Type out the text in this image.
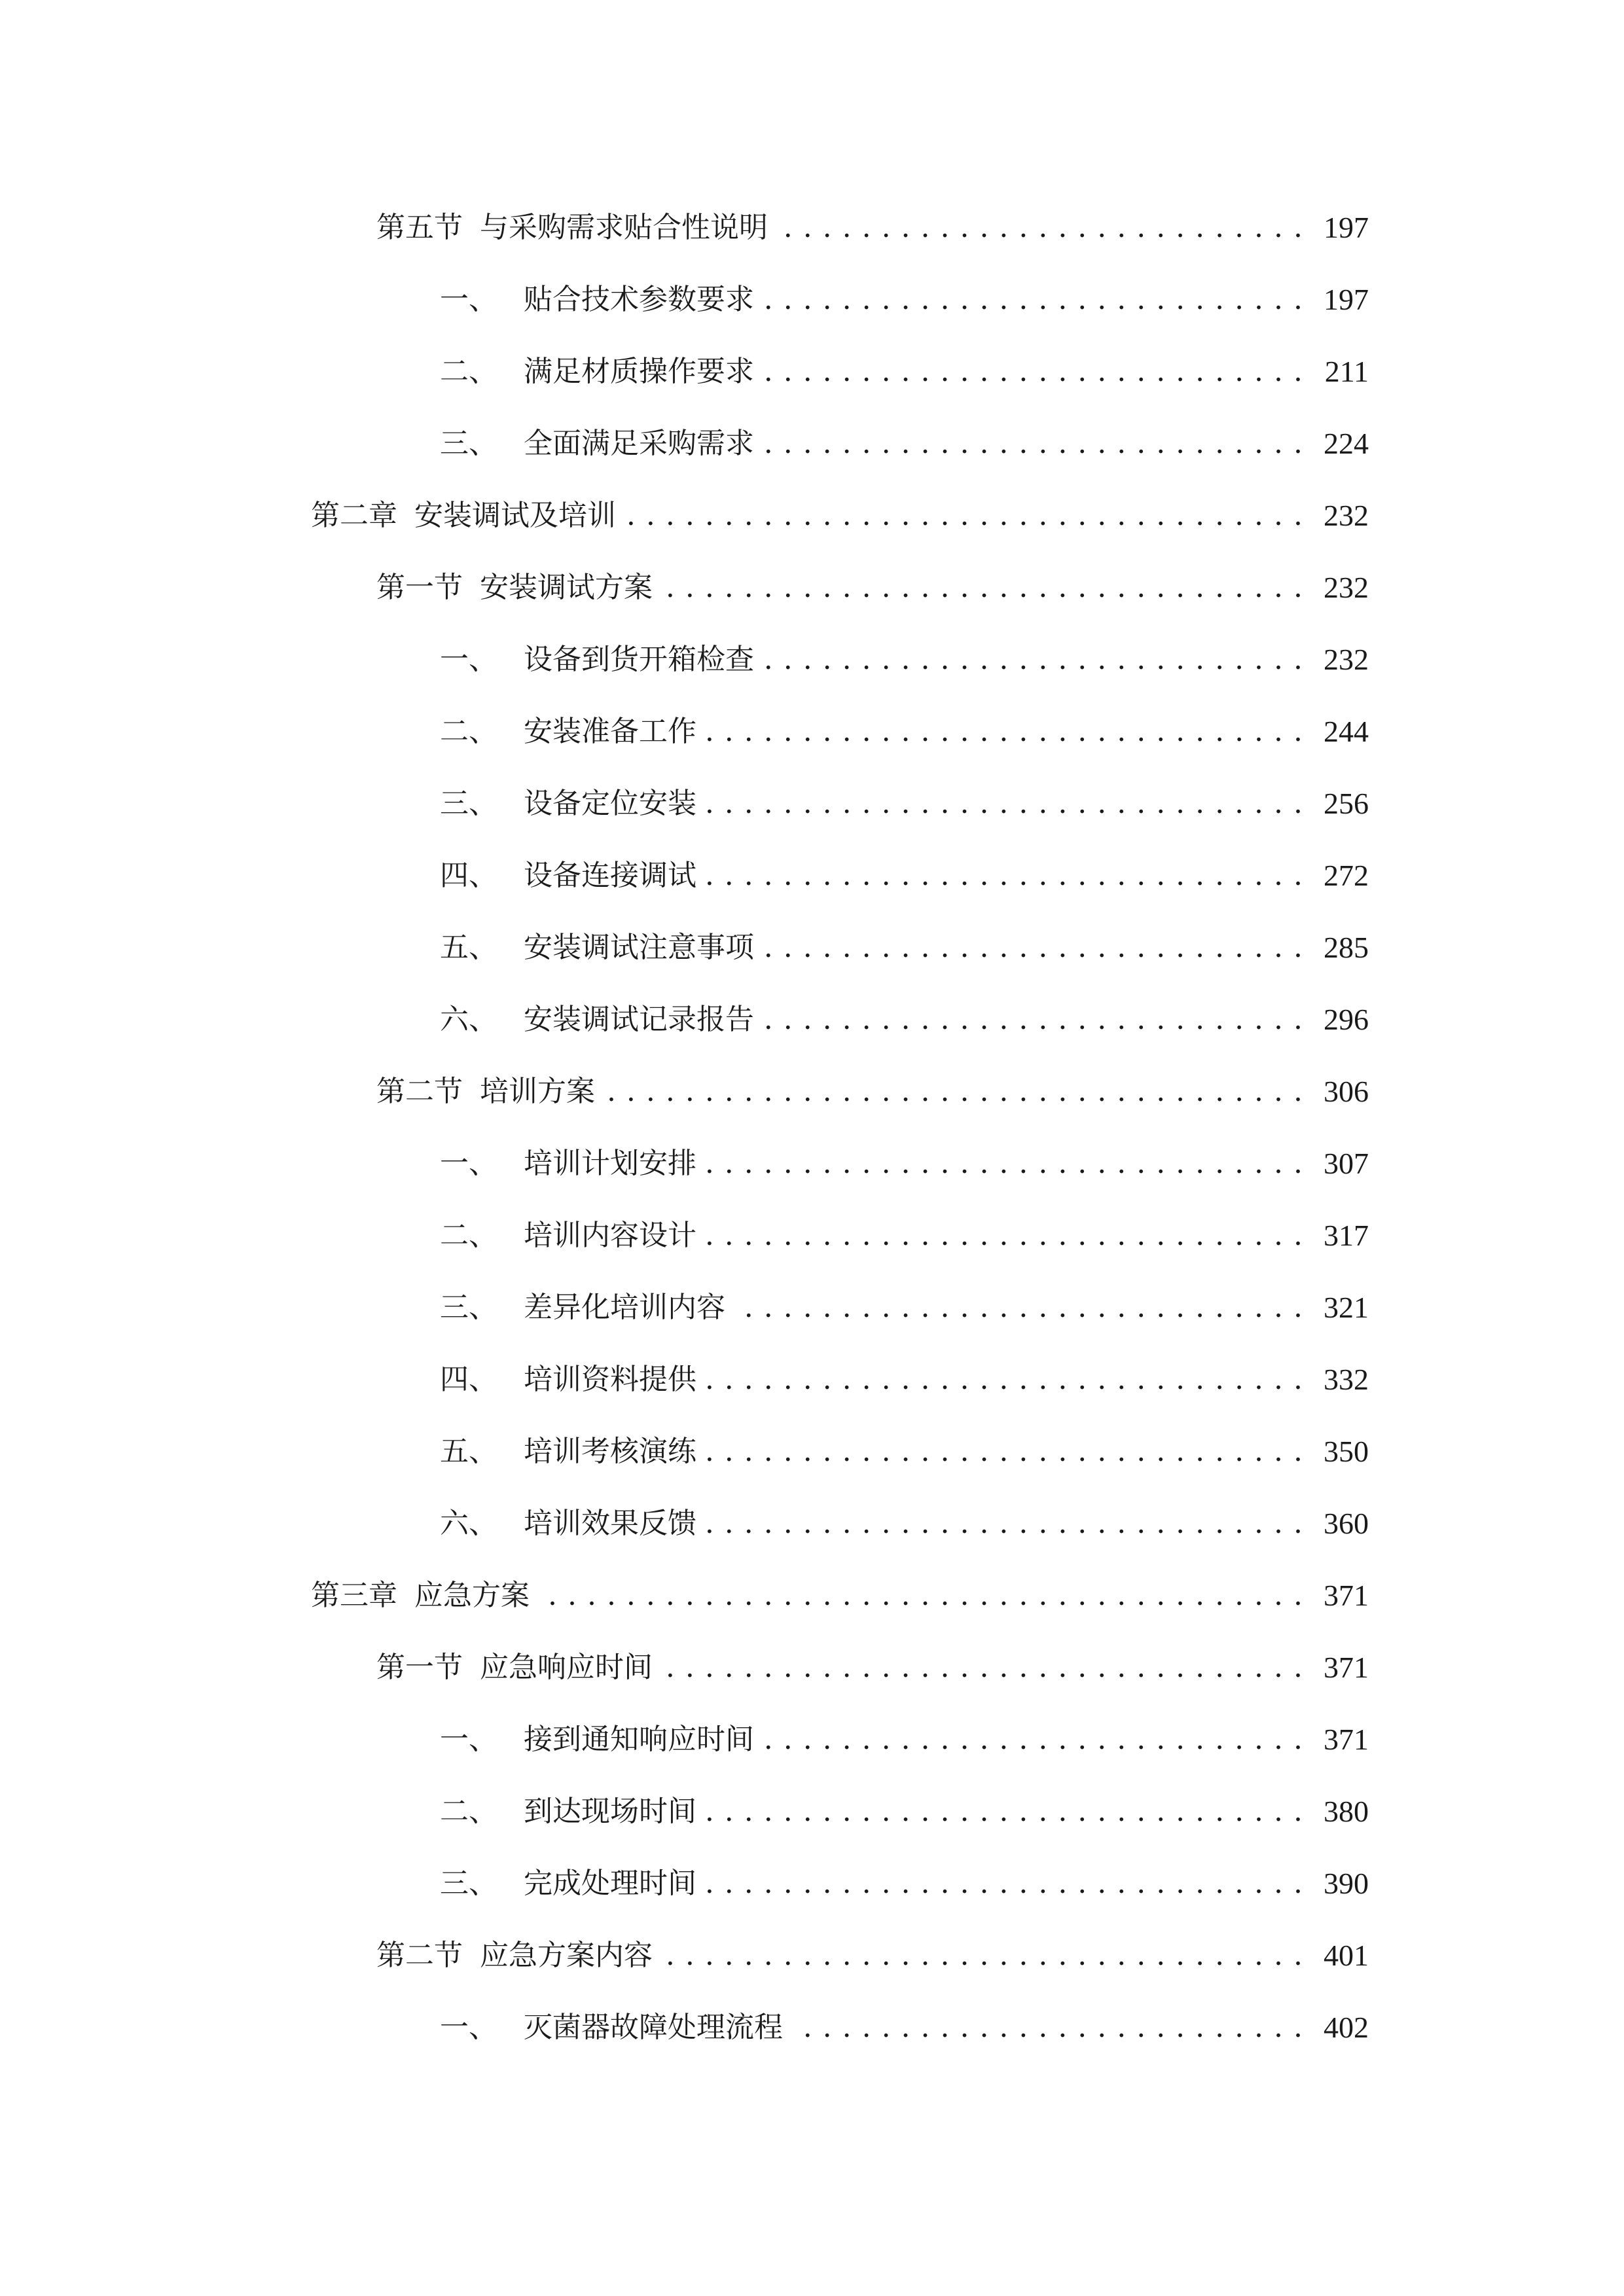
第五节 与采购需求贴合性说明 . . .	197
一、 贴合技术参数要求 . . .	197
二、 满足材质操作要求 . . .	211
三、 全面满足采购需求 . . .	224
第二章 安装调试及培训 . . .	232
第一节 安装调试方案 . . .	232
一、 设备到货开箱检查 . . .	232
二、 安装准备工作 . . .	244
三、 设备定位安装 . . .	256
四、 设备连接调试 . . .	272
五、 安装调试注意事项 . . .	285
六、 安装调试记录报告 . . .	296
第二节 培训方案 . . .	306
一、 培训计划安排 . . .	307
二、 培训内容设计 . . .	317
三、 差异化培训内容 . . .	321
四、 培训资料提供 . . .	332
五、 培训考核演练 . . .	350
六、 培训效果反馈 . . .	360
第三章 应急方案 . . .	371
第一节 应急响应时间 . . .	371
一、 接到通知响应时间 . . .	371
二、 到达现场时间 . . .	380
三、 完成处理时间 . . .	390
第二节 应急方案内容 . . .	401
一、 灭菌器故障处理流程 . . .	402
